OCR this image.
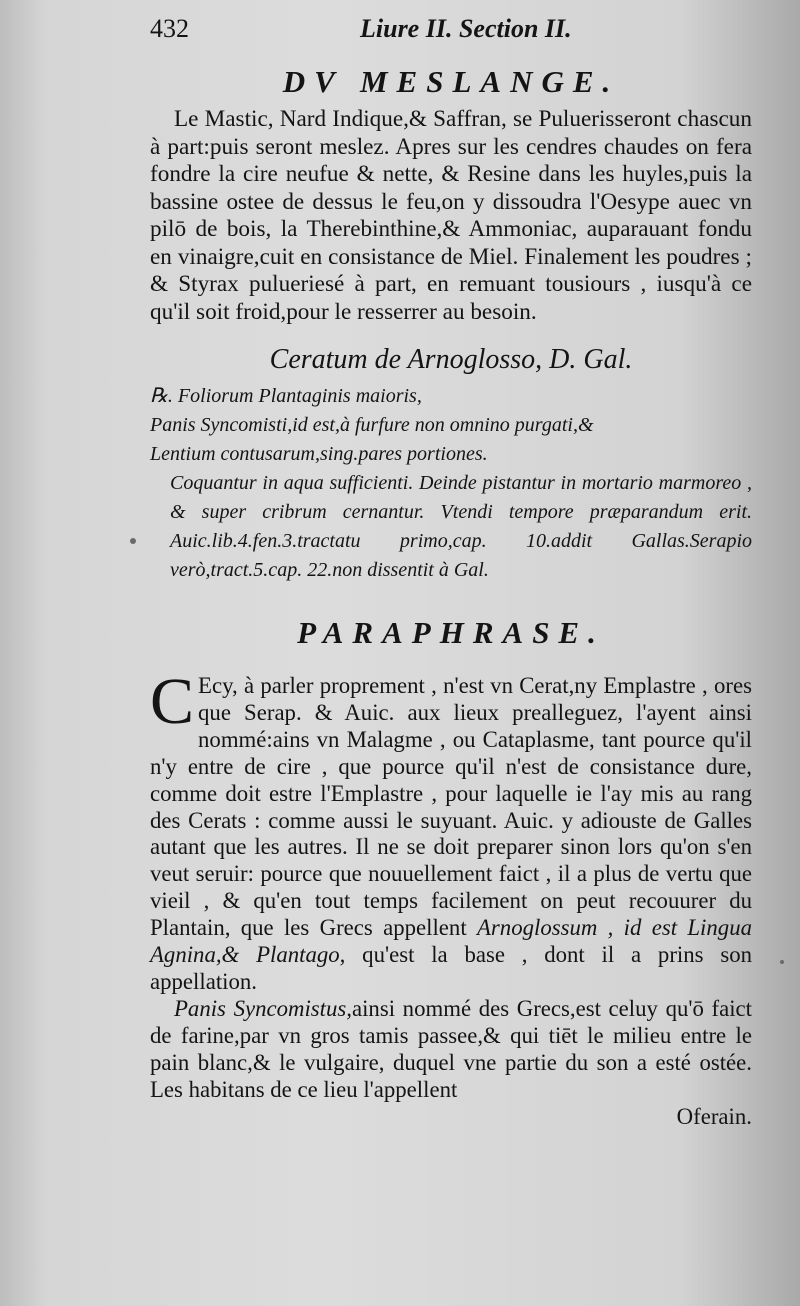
432	Liure II. Section II.
DV MESLANGE.

Le Mastic, Nard Indique,& Saffran, se Puluerisseront chascun à part:puis seront meslez. Apres sur les cendres chaudes on fera fondre la cire neufue & nette, & Resine dans les huyles,puis la bassine ostee de dessus le feu,on y dissoudra l'Oesype auec vn pilō de bois, la Therebinthine,& Ammoniac, auparauant fondu en vinaigre,cuit en consistance de Miel. Finalement les poudres ; & Styrax pulueriesé à part, en remuant tousiours , iusqu'à ce qu'il soit froid,pour le resserrer au besoin.

Ceratum de Arnoglosso, D. Gal.

℞. Foliorum Plantaginis maioris,

Panis Syncomisti,id est,à furfure non omnino purgati,&

Lentium contusarum,sing.pares portiones.

Coquantur in aqua sufficienti. Deinde pistantur in mortario marmoreo , & super cribrum cernantur. Vtendi tempore præparandum erit. Auic.lib.4.fen.3.tractatu primo,cap. 10.addit Gallas.Serapio verò,tract.5.cap. 22.non dissentit à Gal.

PARAPHRASE.

C Ecy, à parler proprement , n'est vn Cerat,ny Emplastre , ores que Serap. & Auic. aux lieux prealleguez, l'ayent ainsi nommé:ains vn Malagme , ou Cataplasme, tant pource qu'il n'y entre de cire , que pource qu'il n'est de consistance dure, comme doit estre l'Emplastre , pour laquelle ie l'ay mis au rang des Cerats : comme aussi le suyuant. Auic. y adiouste de Galles autant que les autres. Il ne se doit preparer sinon lors qu'on s'en veut seruir: pource que nouuellement faict , il a plus de vertu que vieil , & qu'en tout temps facilement on peut recouurer du Plantain, que les Grecs appellent Arnoglossum , id est Lingua Agnina,& Plantago, qu'est la base , dont il a prins son appellation.

Panis Syncomistus,ainsi nommé des Grecs,est celuy qu'ō faict de farine,par vn gros tamis passee,& qui tiēt le milieu entre le pain blanc,& le vulgaire, duquel vne partie du son a esté ostée. Les habitans de ce lieu l'appellent

Oferain.
